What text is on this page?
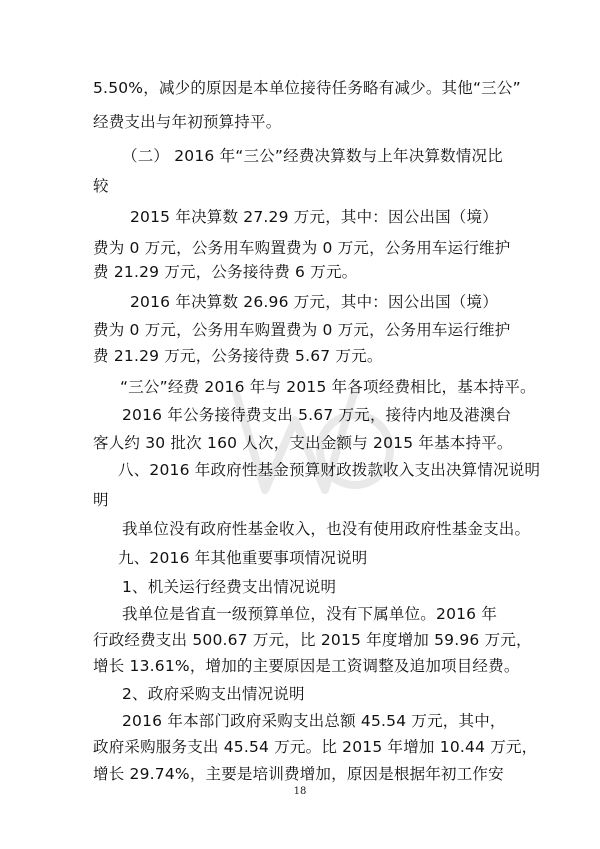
5.50%，减少的原因是本单位接待任务略有减少。其他“三公”
经费支出与年初预算持平。
（二） 2016 年“三公”经费决算数与上年决算数情况比
较
2015 年决算数 27.29 万元，其中：因公出国（境）
费为 0 万元，公务用车购置费为 0 万元，公务用车运行维护
费 21.29 万元，公务接待费 6 万元。
2016 年决算数 26.96 万元，其中：因公出国（境）
费为 0 万元，公务用车购置费为 0 万元，公务用车运行维护
费 21.29 万元，公务接待费 5.67 万元。
“三公”经费 2016 年与 2015 年各项经费相比，基本持平。
2016 年公务接待费支出 5.67 万元，接待内地及港澳台
客人约 30 批次 160 人次，支出金额与 2015 年基本持平。
八、2016 年政府性基金预算财政拨款收入支出决算情况说明
明
我单位没有政府性基金收入，也没有使用政府性基金支出。
九、2016 年其他重要事项情况说明
1、机关运行经费支出情况说明
我单位是省直一级预算单位，没有下属单位。2016 年
行政经费支出 500.67 万元，比 2015 年度增加 59.96 万元，
增长 13.61%，增加的主要原因是工资调整及追加项目经费。
2、政府采购支出情况说明
2016 年本部门政府采购支出总额 45.54 万元，其中，
政府采购服务支出 45.54 万元。比 2015 年增加 10.44 万元，
增长 29.74%，主要是培训费增加，原因是根据年初工作安
18
